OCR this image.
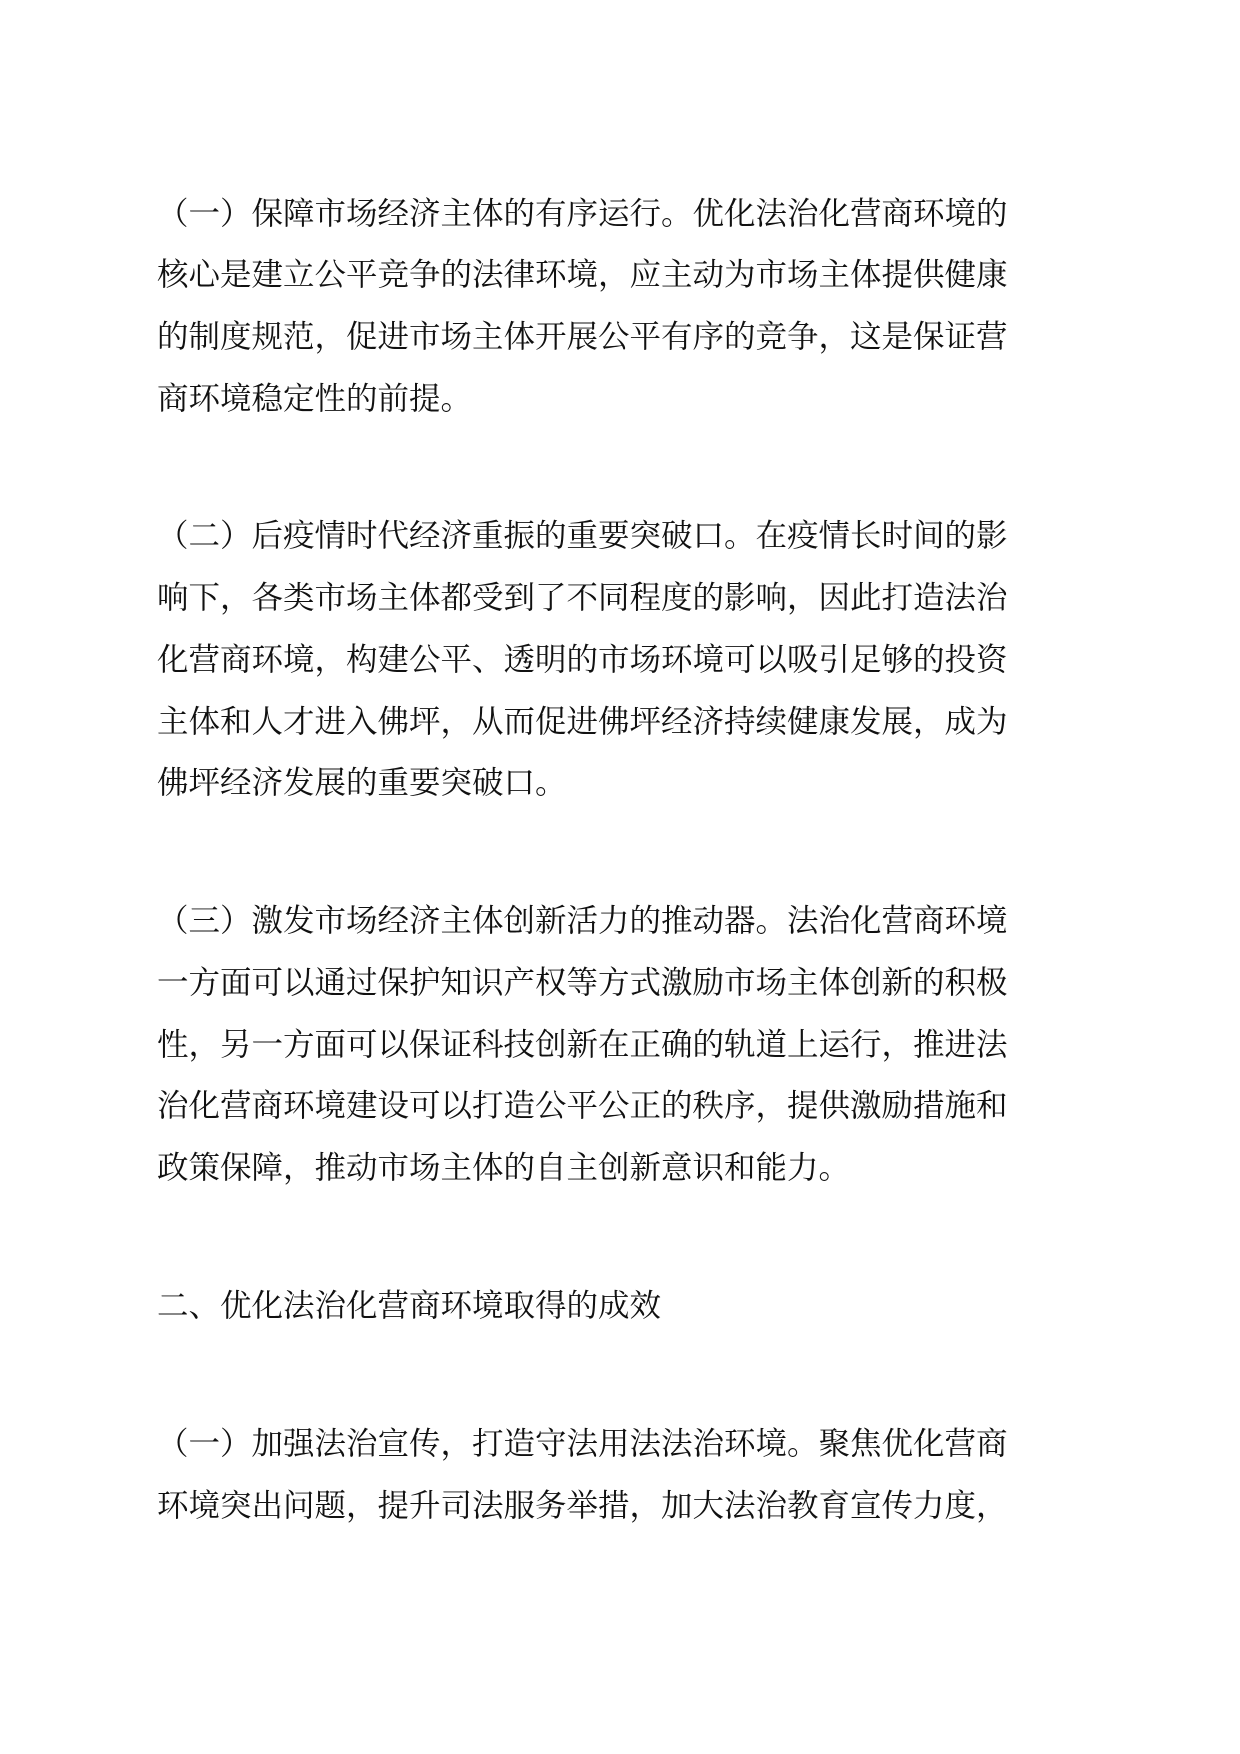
（一）保障市场经济主体的有序运行。优化法治化营商环境的
核心是建立公平竞争的法律环境，应主动为市场主体提供健康
的制度规范，促进市场主体开展公平有序的竞争，这是保证营
商环境稳定性的前提。
（二）后疫情时代经济重振的重要突破口。在疫情长时间的影
响下，各类市场主体都受到了不同程度的影响，因此打造法治
化营商环境，构建公平、透明的市场环境可以吸引足够的投资
主体和人才进入佛坪，从而促进佛坪经济持续健康发展，成为
佛坪经济发展的重要突破口。
（三）激发市场经济主体创新活力的推动器。法治化营商环境
一方面可以通过保护知识产权等方式激励市场主体创新的积极
性，另一方面可以保证科技创新在正确的轨道上运行，推进法
治化营商环境建设可以打造公平公正的秩序，提供激励措施和
政策保障，推动市场主体的自主创新意识和能力。
二、优化法治化营商环境取得的成效
（一）加强法治宣传，打造守法用法法治环境。聚焦优化营商
环境突出问题，提升司法服务举措，加大法治教育宣传力度，
